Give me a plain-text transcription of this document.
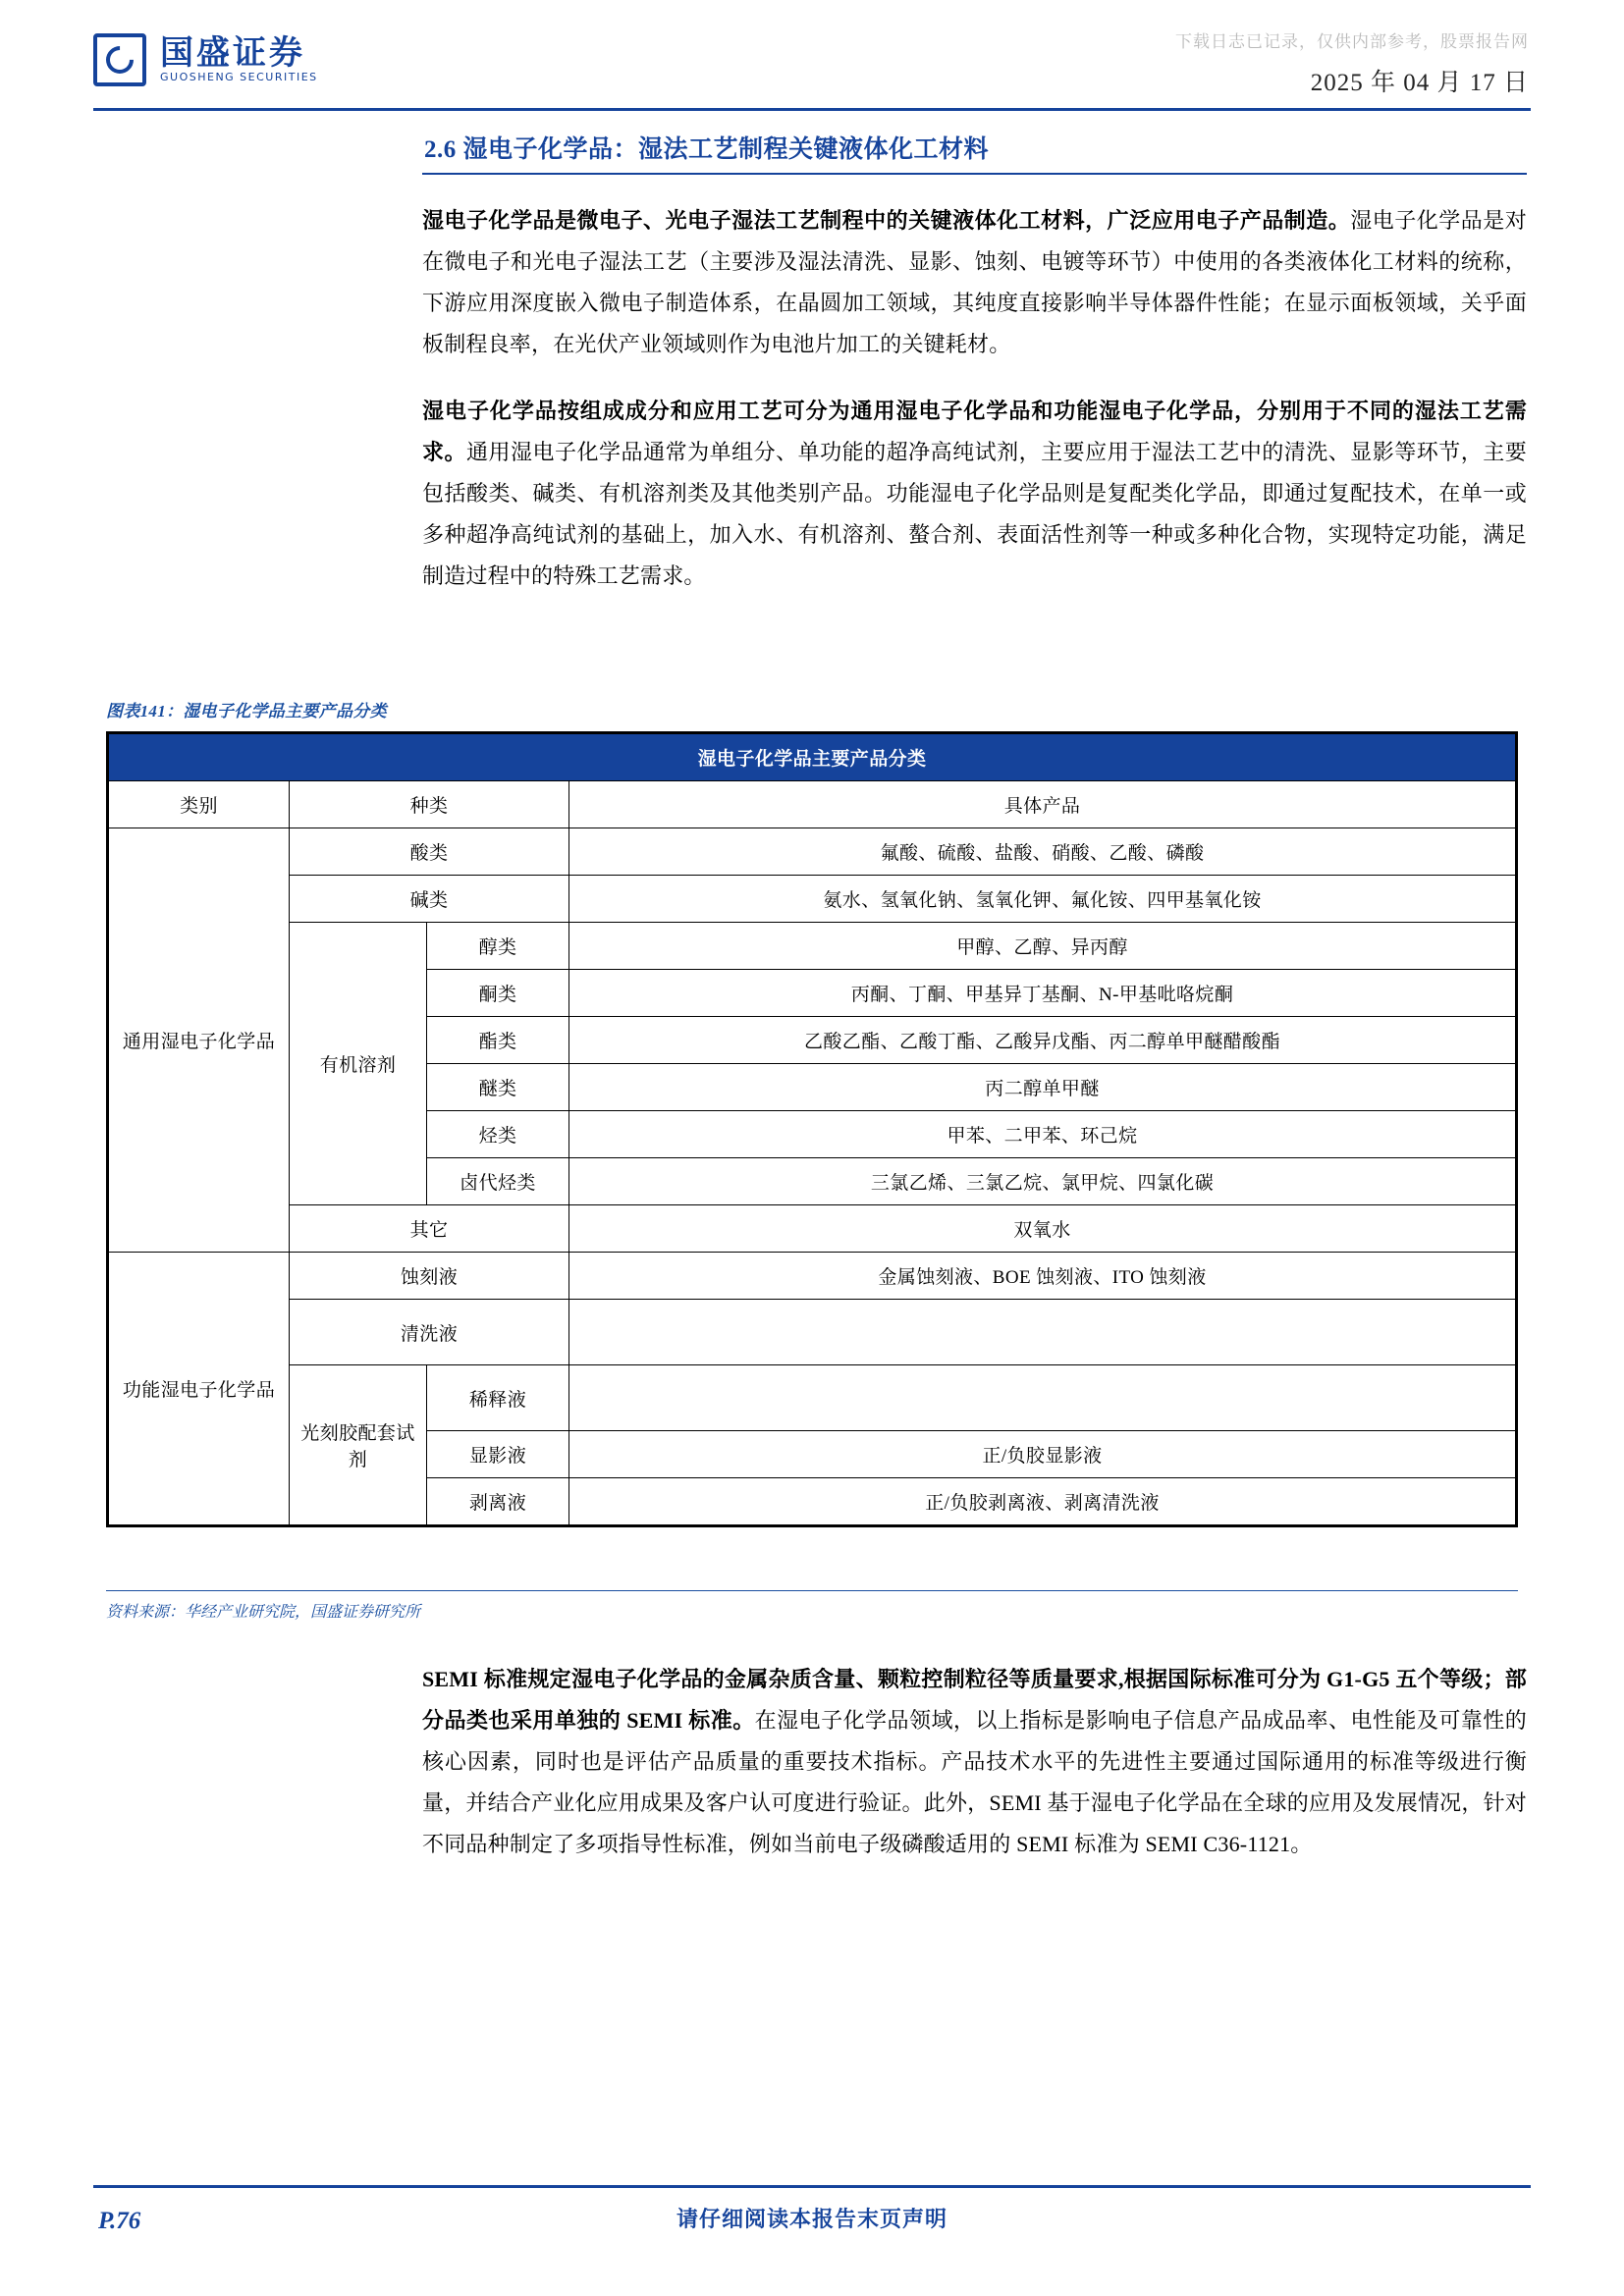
国盛证券
GUOSHENG SECURITIES
下载日志已记录，仅供内部参考，股票报告网
2025 年 04 月 17 日
2.6 湿电子化学品：湿法工艺制程关键液体化工材料

湿电子化学品是微电子、光电子湿法工艺制程中的关键液体化工材料，广泛应用电子产品制造。湿电子化学品是对在微电子和光电子湿法工艺（主要涉及湿法清洗、显影、蚀刻、电镀等环节）中使用的各类液体化工材料的统称，下游应用深度嵌入微电子制造体系，在晶圆加工领域，其纯度直接影响半导体器件性能；在显示面板领域，关乎面板制程良率，在光伏产业领域则作为电池片加工的关键耗材。

湿电子化学品按组成成分和应用工艺可分为通用湿电子化学品和功能湿电子化学品，分别用于不同的湿法工艺需求。通用湿电子化学品通常为单组分、单功能的超净高纯试剂，主要应用于湿法工艺中的清洗、显影等环节，主要包括酸类、碱类、有机溶剂类及其他类别产品。功能湿电子化学品则是复配类化学品，即通过复配技术，在单一或多种超净高纯试剂的基础上，加入水、有机溶剂、螯合剂、表面活性剂等一种或多种化合物，实现特定功能，满足制造过程中的特殊工艺需求。

图表141：湿电子化学品主要产品分类
湿电子化学品主要产品分类			
类别	种类		具体产品
通用湿电子化学品	酸类		氟酸、硫酸、盐酸、硝酸、乙酸、磷酸
	碱类		氨水、氢氧化钠、氢氧化钾、氟化铵、四甲基氧化铵
	有机溶剂	醇类	甲醇、乙醇、异丙醇
		酮类	丙酮、丁酮、甲基异丁基酮、N-甲基吡咯烷酮
		酯类	乙酸乙酯、乙酸丁酯、乙酸异戊酯、丙二醇单甲醚醋酸酯
		醚类	丙二醇单甲醚
		烃类	甲苯、二甲苯、环己烷
		卤代烃类	三氯乙烯、三氯乙烷、氯甲烷、四氯化碳
	其它		双氧水
功能湿电子化学品	蚀刻液		金属蚀刻液、BOE 蚀刻液、ITO 蚀刻液
	清洗液		
	光刻胶配套试剂	稀释液	
		显影液	正/负胶显影液
		剥离液	正/负胶剥离液、剥离清洗液
资料来源：华经产业研究院，国盛证券研究所

SEMI 标准规定湿电子化学品的金属杂质含量、颗粒控制粒径等质量要求,根据国际标准可分为 G1-G5 五个等级；部分品类也采用单独的 SEMI 标准。在湿电子化学品领域，以上指标是影响电子信息产品成品率、电性能及可靠性的核心因素，同时也是评估产品质量的重要技术指标。产品技术水平的先进性主要通过国际通用的标准等级进行衡量，并结合产业化应用成果及客户认可度进行验证。此外，SEMI 基于湿电子化学品在全球的应用及发展情况，针对不同品种制定了多项指导性标准，例如当前电子级磷酸适用的 SEMI 标准为 SEMI C36-1121。

P.76	请仔细阅读本报告末页声明
